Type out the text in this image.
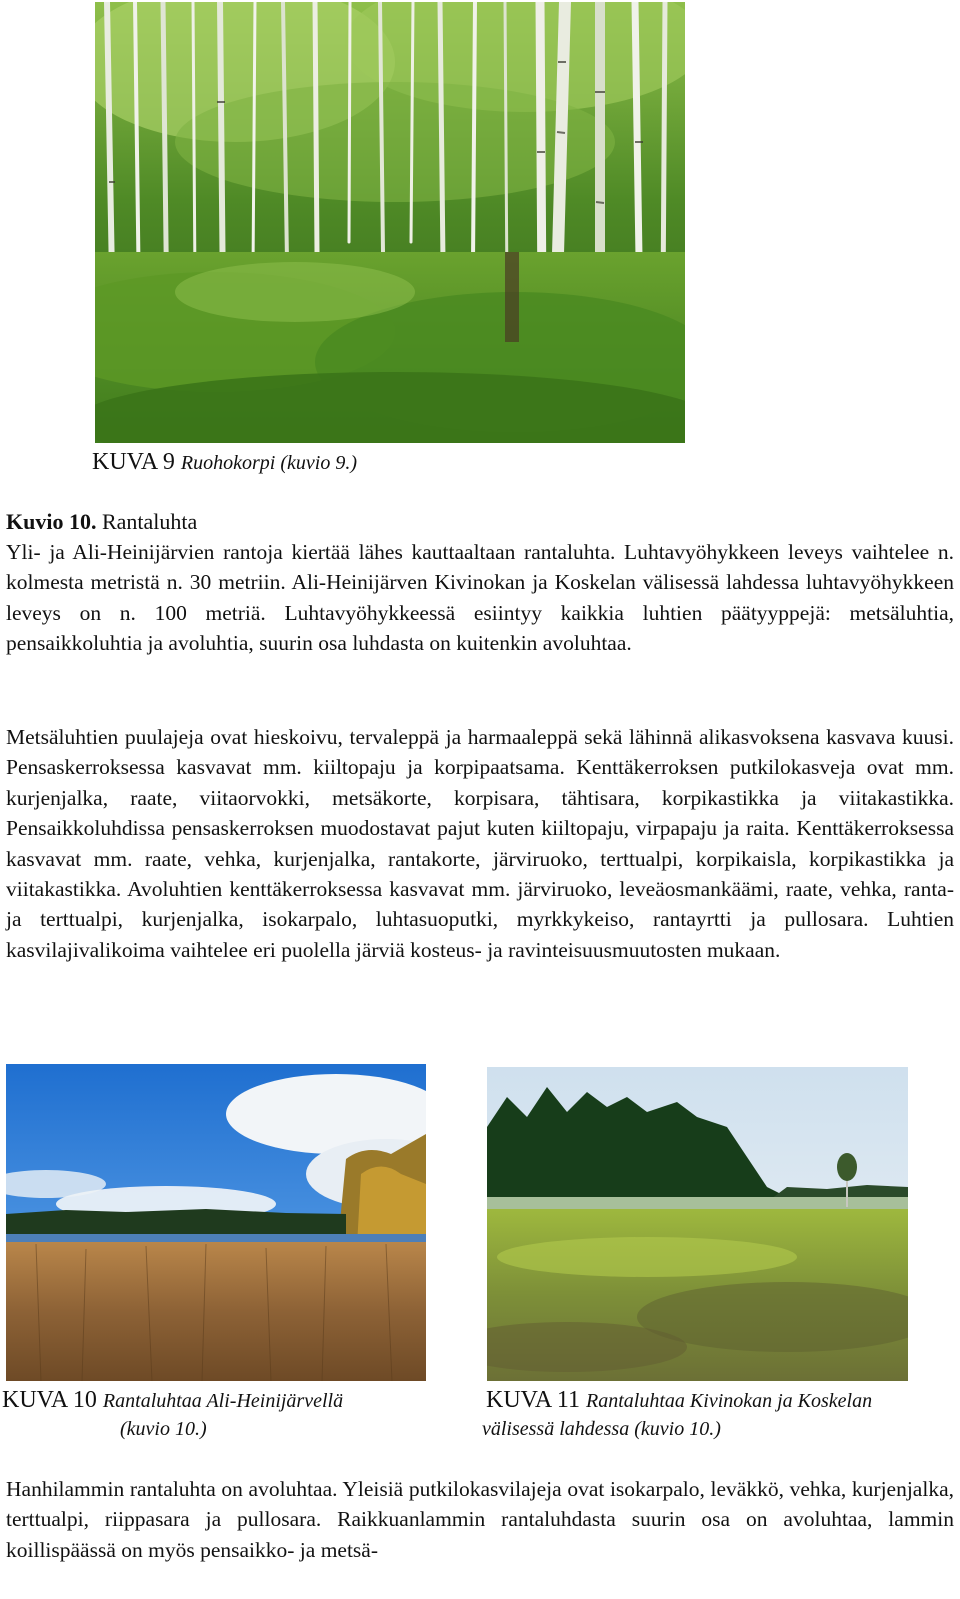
KUVA 9 Ruohokorpi (kuvio 9.)
Kuvio 10. Rantaluhta

Yli- ja Ali-Heinijärvien rantoja kiertää lähes kauttaaltaan rantaluhta. Luhtavyöhykkeen leveys vaihtelee n. kolmesta metristä n. 30 metriin. Ali-Heinijärven Kivinokan ja Koskelan välisessä lahdessa luhtavyöhykkeen leveys on n. 100 metriä. Luhtavyöhykkeessä esiintyy kaikkia luhtien päätyyppejä: metsäluhtia, pensaikkoluhtia ja avoluhtia, suurin osa luhdasta on kuitenkin avoluhtaa.

Metsäluhtien puulajeja ovat hieskoivu, tervaleppä ja harmaaleppä sekä lähinnä alikasvoksena kasvava kuusi. Pensaskerroksessa kasvavat mm. kiiltopaju ja korpipaatsama. Kenttäkerroksen putkilokasveja ovat mm. kurjenjalka, raate, viitaorvokki, metsäkorte, korpisara, tähtisara, korpikastikka ja viitakastikka. Pensaikkoluhdissa pensaskerroksen muodostavat pajut kuten kiiltopaju, virpapaju ja raita. Kenttäkerroksessa kasvavat mm. raate, vehka, kurjenjalka, rantakorte, järviruoko, terttualpi, korpikaisla, korpikastikka ja viitakastikka. Avoluhtien kenttäkerroksessa kasvavat mm. järviruoko, leveäosmankäämi, raate, vehka, ranta- ja terttualpi, kurjenjalka, isokarpalo, luhtasuoputki, myrkkykeiso, rantayrtti ja pullosara. Luhtien kasvilajivalikoima vaihtelee eri puolella järviä kosteus- ja ravinteisuusmuutosten mukaan.

KUVA 10 Rantaluhtaa Ali-Heinijärvellä
(kuvio 10.)
KUVA 11 Rantaluhtaa Kivinokan ja Koskelan
välisessä lahdessa (kuvio 10.)

Hanhilammin rantaluhta on avoluhtaa. Yleisiä putkilokasvilajeja ovat isokarpalo, leväkkö, vehka, kurjenjalka, terttualpi, riippasara ja pullosara. Raikkuanlammin rantaluhdasta suurin osa on avoluhtaa, lammin koillispäässä on myös pensaikko- ja metsä-
